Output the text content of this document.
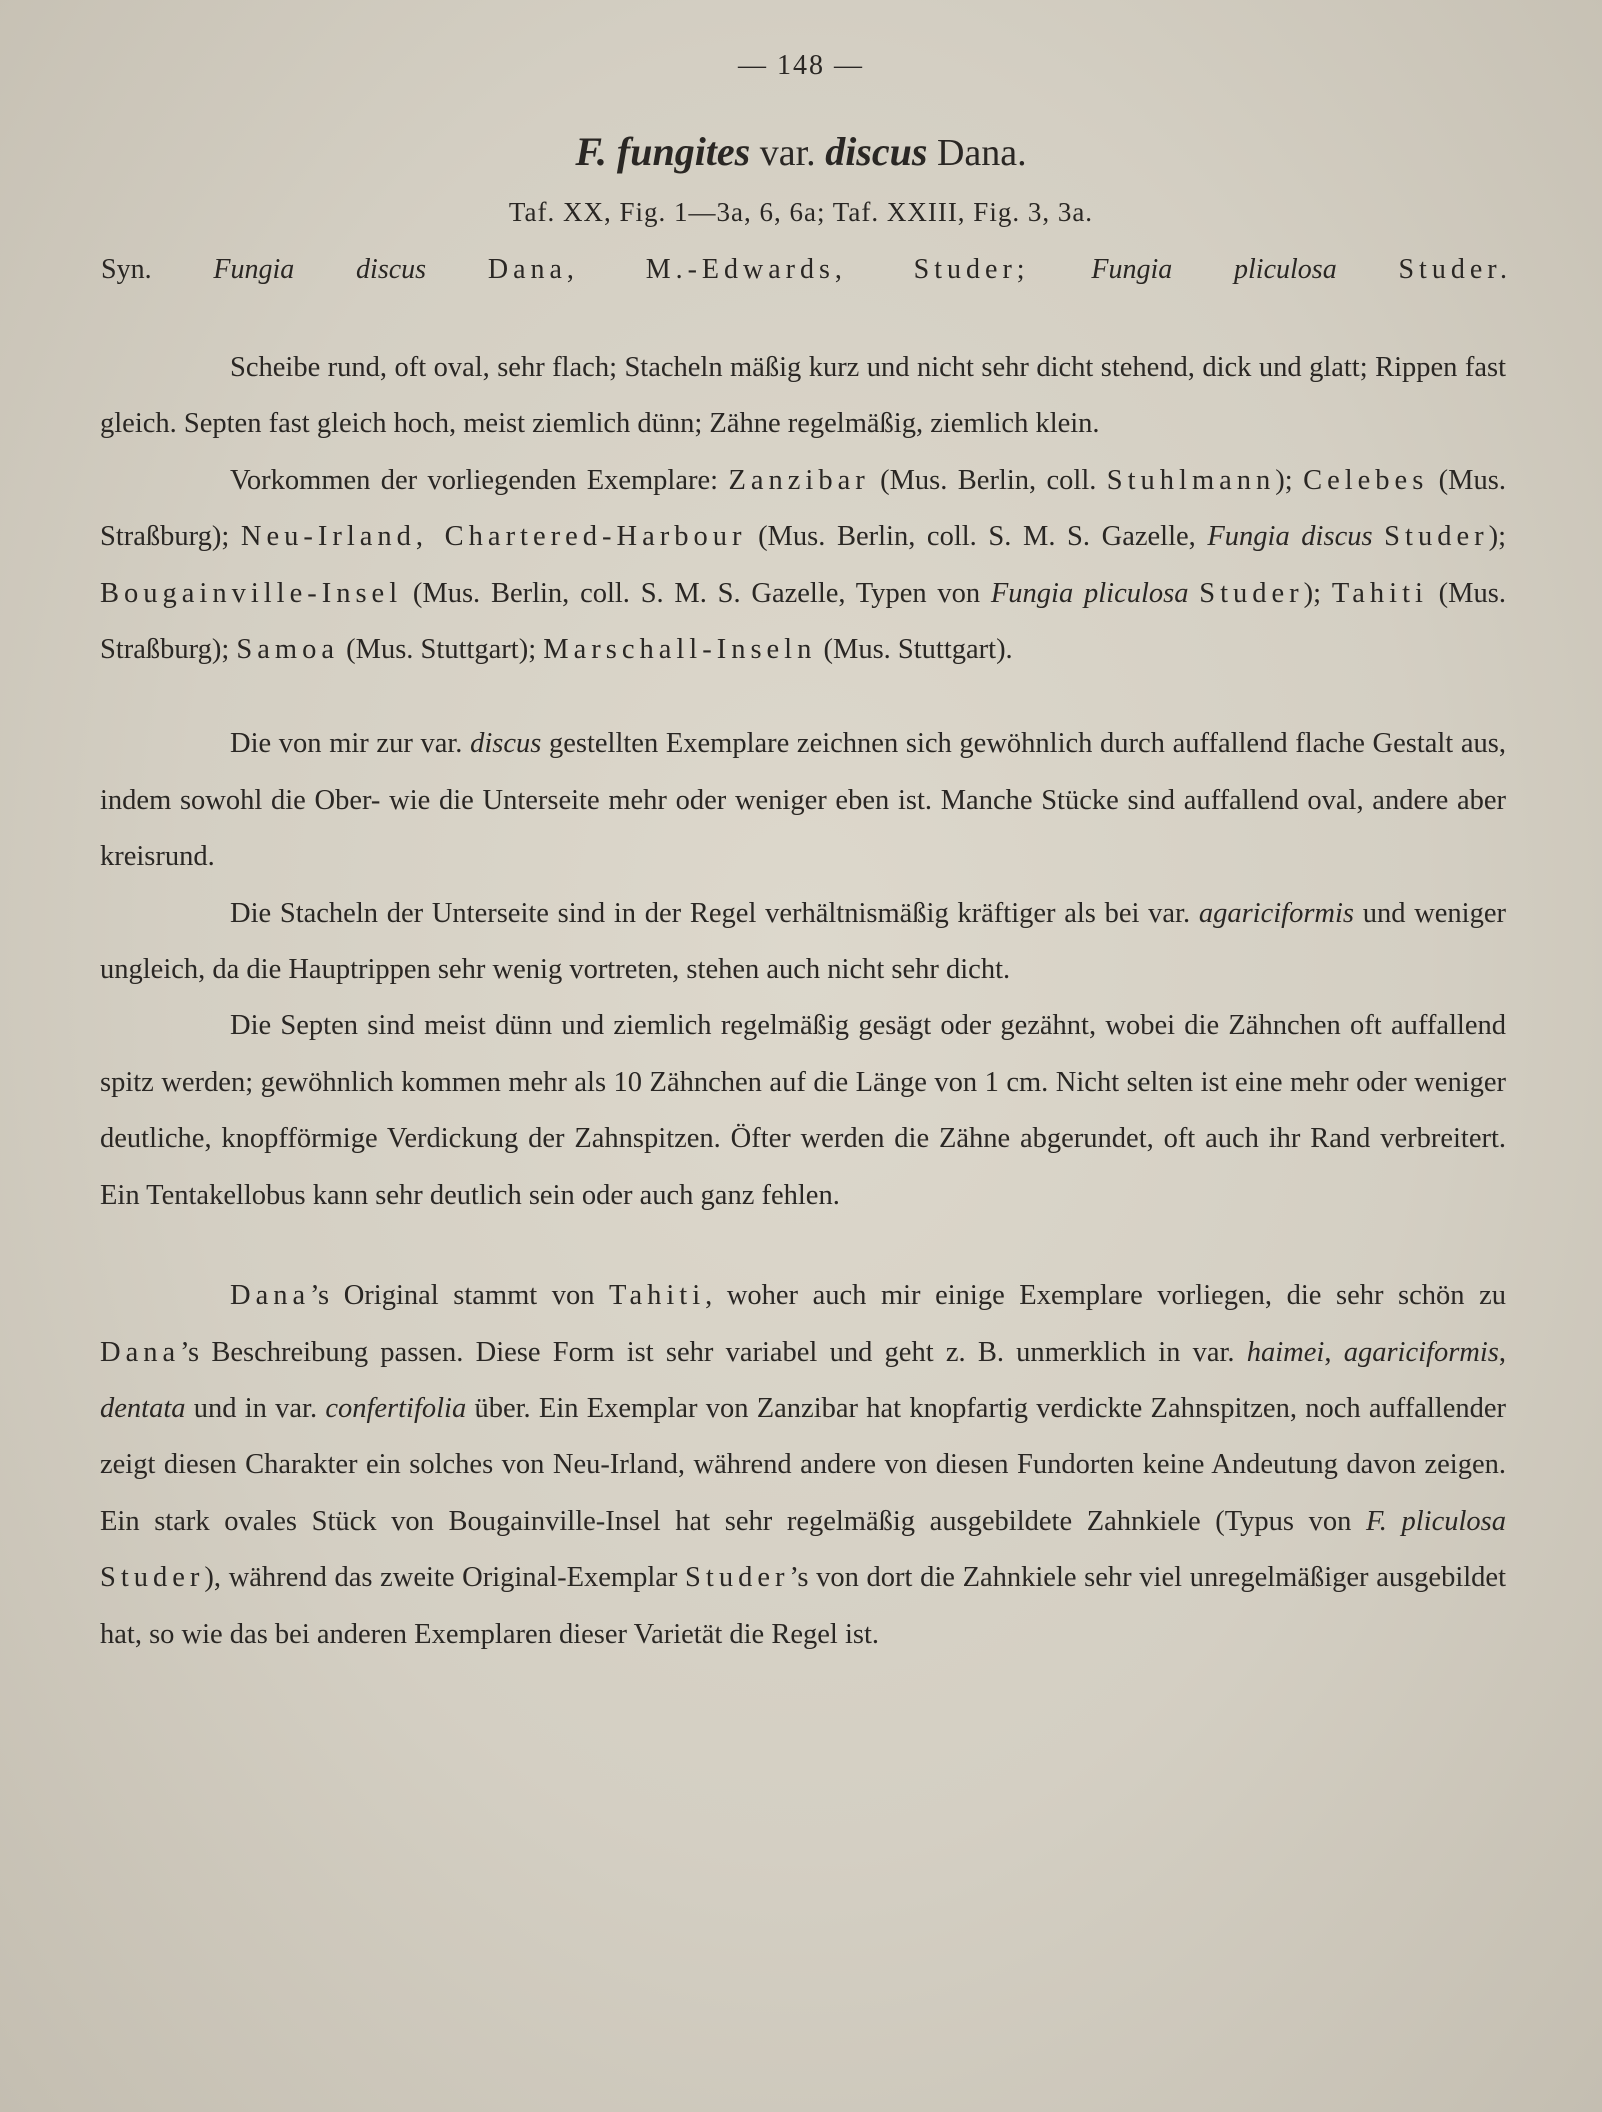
— 148 —
F. fungites var. discus Dana.
Taf. XX, Fig. 1—3a, 6, 6a; Taf. XXIII, Fig. 3, 3a.
Syn. Fungia discus Dana, M.-Edwards, Studer; Fungia pliculosa Studer.

Scheibe rund, oft oval, sehr flach; Stacheln mäßig kurz und nicht sehr dicht stehend, dick und glatt; Rippen fast gleich. Septen fast gleich hoch, meist ziemlich dünn; Zähne regelmäßig, ziemlich klein.

Vorkommen der vorliegenden Exemplare: Zanzibar (Mus. Berlin, coll. Stuhlmann); Celebes (Mus. Straßburg); Neu-Irland, Chartered-Harbour (Mus. Berlin, coll. S. M. S. Gazelle, Fungia discus Studer); Bougainville-Insel (Mus. Berlin, coll. S. M. S. Gazelle, Typen von Fungia pliculosa Studer); Tahiti (Mus. Straßburg); Samoa (Mus. Stuttgart); Marschall-Inseln (Mus. Stuttgart).

Die von mir zur var. discus gestellten Exemplare zeichnen sich gewöhnlich durch auffallend flache Gestalt aus, indem sowohl die Ober- wie die Unterseite mehr oder weniger eben ist. Manche Stücke sind auffallend oval, andere aber kreisrund.

Die Stacheln der Unterseite sind in der Regel verhältnismäßig kräftiger als bei var. agariciformis und weniger ungleich, da die Hauptrippen sehr wenig vortreten, stehen auch nicht sehr dicht.

Die Septen sind meist dünn und ziemlich regelmäßig gesägt oder gezähnt, wobei die Zähnchen oft auffallend spitz werden; gewöhnlich kommen mehr als 10 Zähnchen auf die Länge von 1 cm. Nicht selten ist eine mehr oder weniger deutliche, knopfförmige Verdickung der Zahnspitzen. Öfter werden die Zähne abgerundet, oft auch ihr Rand verbreitert. Ein Tentakellobus kann sehr deutlich sein oder auch ganz fehlen.

Dana’s Original stammt von Tahiti, woher auch mir einige Exemplare vorliegen, die sehr schön zu Dana’s Beschreibung passen. Diese Form ist sehr variabel und geht z. B. unmerklich in var. haimei, agariciformis, dentata und in var. confertifolia über. Ein Exemplar von Zanzibar hat knopfartig verdickte Zahnspitzen, noch auffallender zeigt diesen Charakter ein solches von Neu-Irland, während andere von diesen Fundorten keine Andeutung davon zeigen. Ein stark ovales Stück von Bougainville-Insel hat sehr regelmäßig ausgebildete Zahnkiele (Typus von F. pliculosa Studer), während das zweite Original-Exemplar Studer’s von dort die Zahnkiele sehr viel unregelmäßiger ausgebildet hat, so wie das bei anderen Exemplaren dieser Varietät die Regel ist.
